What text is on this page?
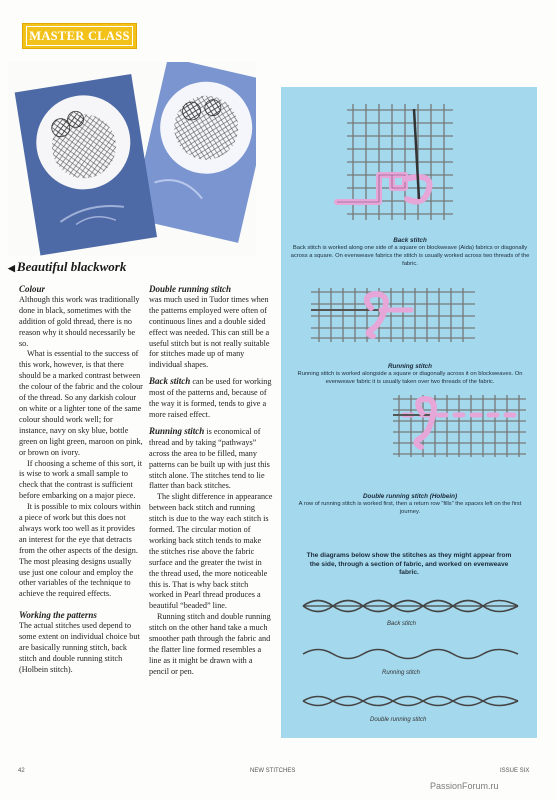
MASTER CLASS
◀ Beautiful blackwork
Colour

Although this work was traditionally done in black, sometimes with the addition of gold thread, there is no reason why it should necessarily be so.

What is essential to the success of this work, however, is that there should be a marked contrast between the colour of the fabric and the colour of the thread. So any darkish colour on white or a lighter tone of the same colour should work well; for instance, navy on sky blue, bottle green on light green, maroon on pink, or brown on ivory.

If choosing a scheme of this sort, it is wise to work a small sample to check that the contrast is sufficient before embarking on a major piece.

It is possible to mix colours within a piece of work but this does not always work too well as it provides an interest for the eye that detracts from the other aspects of the design. The most pleasing designs usually use just one colour and employ the other variables of the technique to achieve the required effects.

Working the patterns

The actual stitches used depend to some extent on individual choice but are basically running stitch, back stitch and double running stitch (Holbein stitch).

Double running stitch

was much used in Tudor times when the patterns employed were often of continuous lines and a double sided effect was needed. This can still be a useful stitch but is not really suitable for stitches made up of many individual shapes.

Back stitch can be used for working most of the patterns and, because of the way it is formed, tends to give a more raised effect.

Running stitch is economical of thread and by taking “pathways” across the area to be filled, many patterns can be built up with just this stitch alone. The stitches tend to lie flatter than back stitches.

The slight difference in appearance between back stitch and running stitch is due to the way each stitch is formed. The circular motion of working back stitch tends to make the stitches rise above the fabric surface and the greater the twist in the thread used, the more noticeable this is. That is why back stitch worked in Pearl thread produces a beautiful “beaded” line.

Running stitch and double running stitch on the other hand take a much smoother path through the fabric and the flatter line formed resembles a line as it might be drawn with a pencil or pen.

Back stitch
Back stitch is worked along one side of a square on blockweave (Aida) fabrics or diagonally across a square. On evenweave fabrics the stitch is usually worked across two threads of the fabric.
Running stitch
Running stitch is worked alongside a square or diagonally across it on blockweaves. On evenweave fabric it is usually taken over two threads of the fabric.
Double running stitch (Holbein)
A row of running stitch is worked first, then a return row “fills” the spaces left on the first journey.
The diagrams below show the stitches as they might appear from the side, through a section of fabric, and worked on evenweave fabric.
Back stitch
Running stitch
Double running stitch
42	NEW STITCHES	ISSUE SIX
PassionForum.ru
